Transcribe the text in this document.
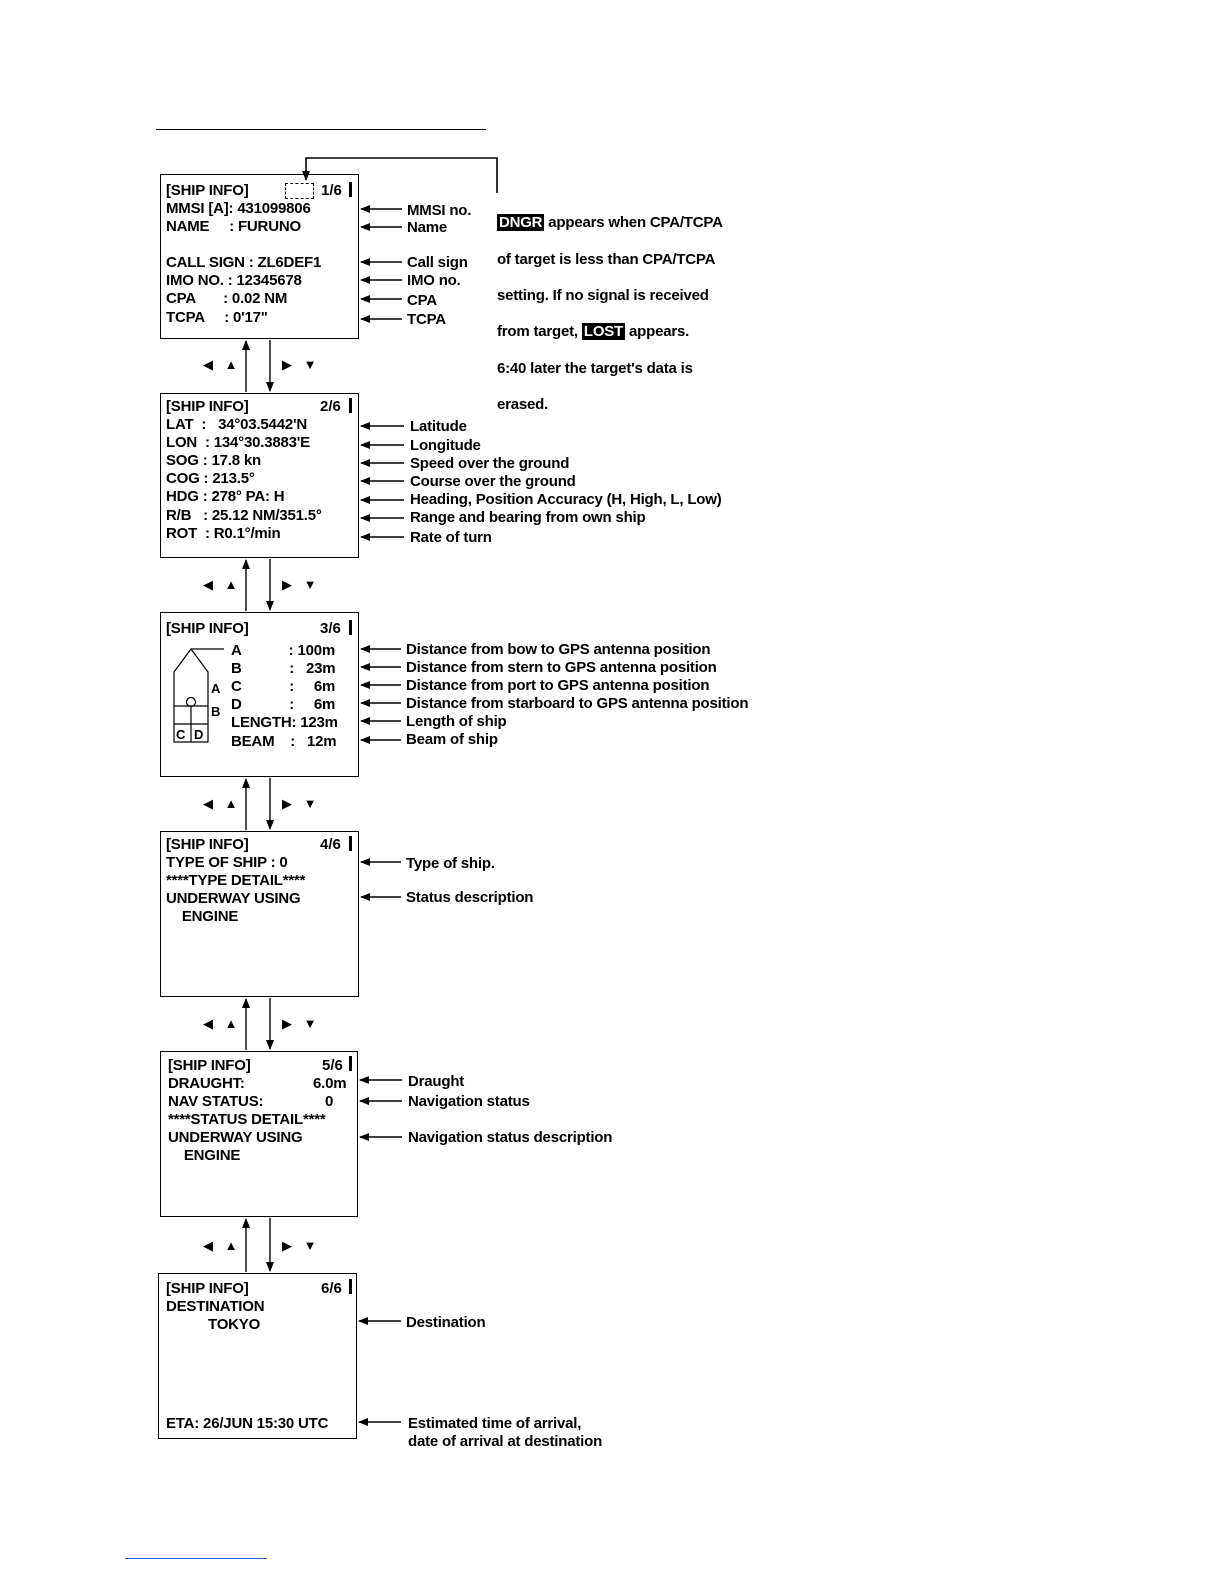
[SHIP INFO]	1/6
MMSI [A]: 431099806
NAME     : FURUNO
CALL SIGN : ZL6DEF1
IMO NO. : 12345678
CPA       : 0.02 NM
TCPA     : 0'17"
MMSI no.
Name
Call sign
IMO no.
CPA
TCPA

DNGR appears when CPA/TCPA

of target is less than CPA/TCPA

setting. If no signal is received

from target, LOST appears.

6:40 later the target's data is

erased.

[SHIP INFO]	2/6
LAT  :   34°03.5442'N
LON  : 134°30.3883'E
SOG : 17.8 kn
COG : 213.5°
HDG : 278° PA: H
R/B   : 25.12 NM/351.5°
ROT  : R0.1°/min
Latitude
Longitude
Speed over the ground
Course over the ground
Heading, Position Accuracy (H, High, L, Low)
Range and bearing from own ship
Rate of turn
[SHIP INFO]	3/6
A            : 100m
B            :   23m
C            :     6m
D            :     6m
LENGTH: 123m
BEAM    :   12m
A
B
C D
Distance from bow to GPS antenna position
Distance from stern to GPS antenna position
Distance from port to GPS antenna position
Distance from starboard to GPS antenna position
Length of ship
Beam of ship
[SHIP INFO]	4/6
TYPE OF SHIP : 0
****TYPE DETAIL****
UNDERWAY USING
ENGINE
Type of ship.
Status description
[SHIP INFO]	5/6
DRAUGHT:	6.0m
NAV STATUS:	0
****STATUS DETAIL****
UNDERWAY USING
ENGINE
Draught
Navigation status
Navigation status description
[SHIP INFO]	6/6
DESTINATION
TOKYO
ETA: 26/JUN 15:30 UTC
Destination
Estimated time of arrival,
date of arrival at destination
◀ ▲	▶ ▼
◀ ▲	▶ ▼
◀ ▲	▶ ▼
◀ ▲	▶ ▼
◀ ▲	▶ ▼
